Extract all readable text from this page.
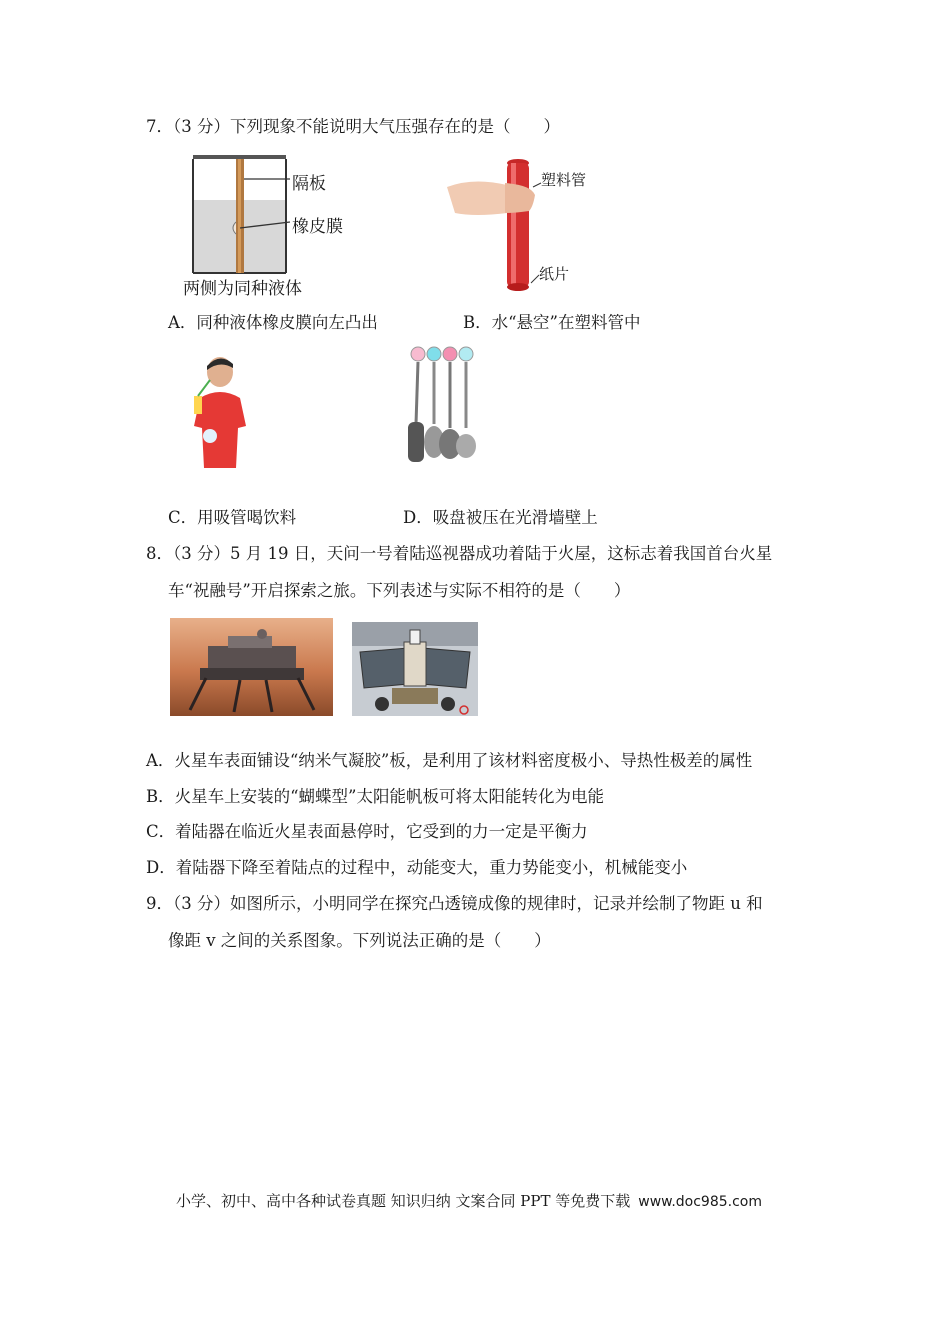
7．（3 分）下列现象不能说明大气压强存在的是（　　）
隔板
橡皮膜
两侧为同种液体
塑料管
纸片
A．同种液体橡皮膜向左凸出	B．水“悬空”在塑料管中
C．用吸管喝饮料	D．吸盘被压在光滑墙壁上
8．（3 分）5 月 19 日，天问一号着陆巡视器成功着陆于火屋，这标志着我国首台火星
车“祝融号”开启探索之旅。下列表述与实际不相符的是（　　）
A．火星车表面铺设“纳米气凝胶”板，是利用了该材料密度极小、导热性极差的属性
B．火星车上安装的“蝴蝶型”太阳能帆板可将太阳能转化为电能
C．着陆器在临近火星表面悬停时，它受到的力一定是平衡力
D．着陆器下降至着陆点的过程中，动能变大，重力势能变小，机械能变小
9．（3 分）如图所示，小明同学在探究凸透镜成像的规律时，记录并绘制了物距 u 和
像距 v 之间的关系图象。下列说法正确的是（　　）
小学、初中、高中各种试卷真题 知识归纳 文案合同 PPT 等免费下载 www.doc985.com
